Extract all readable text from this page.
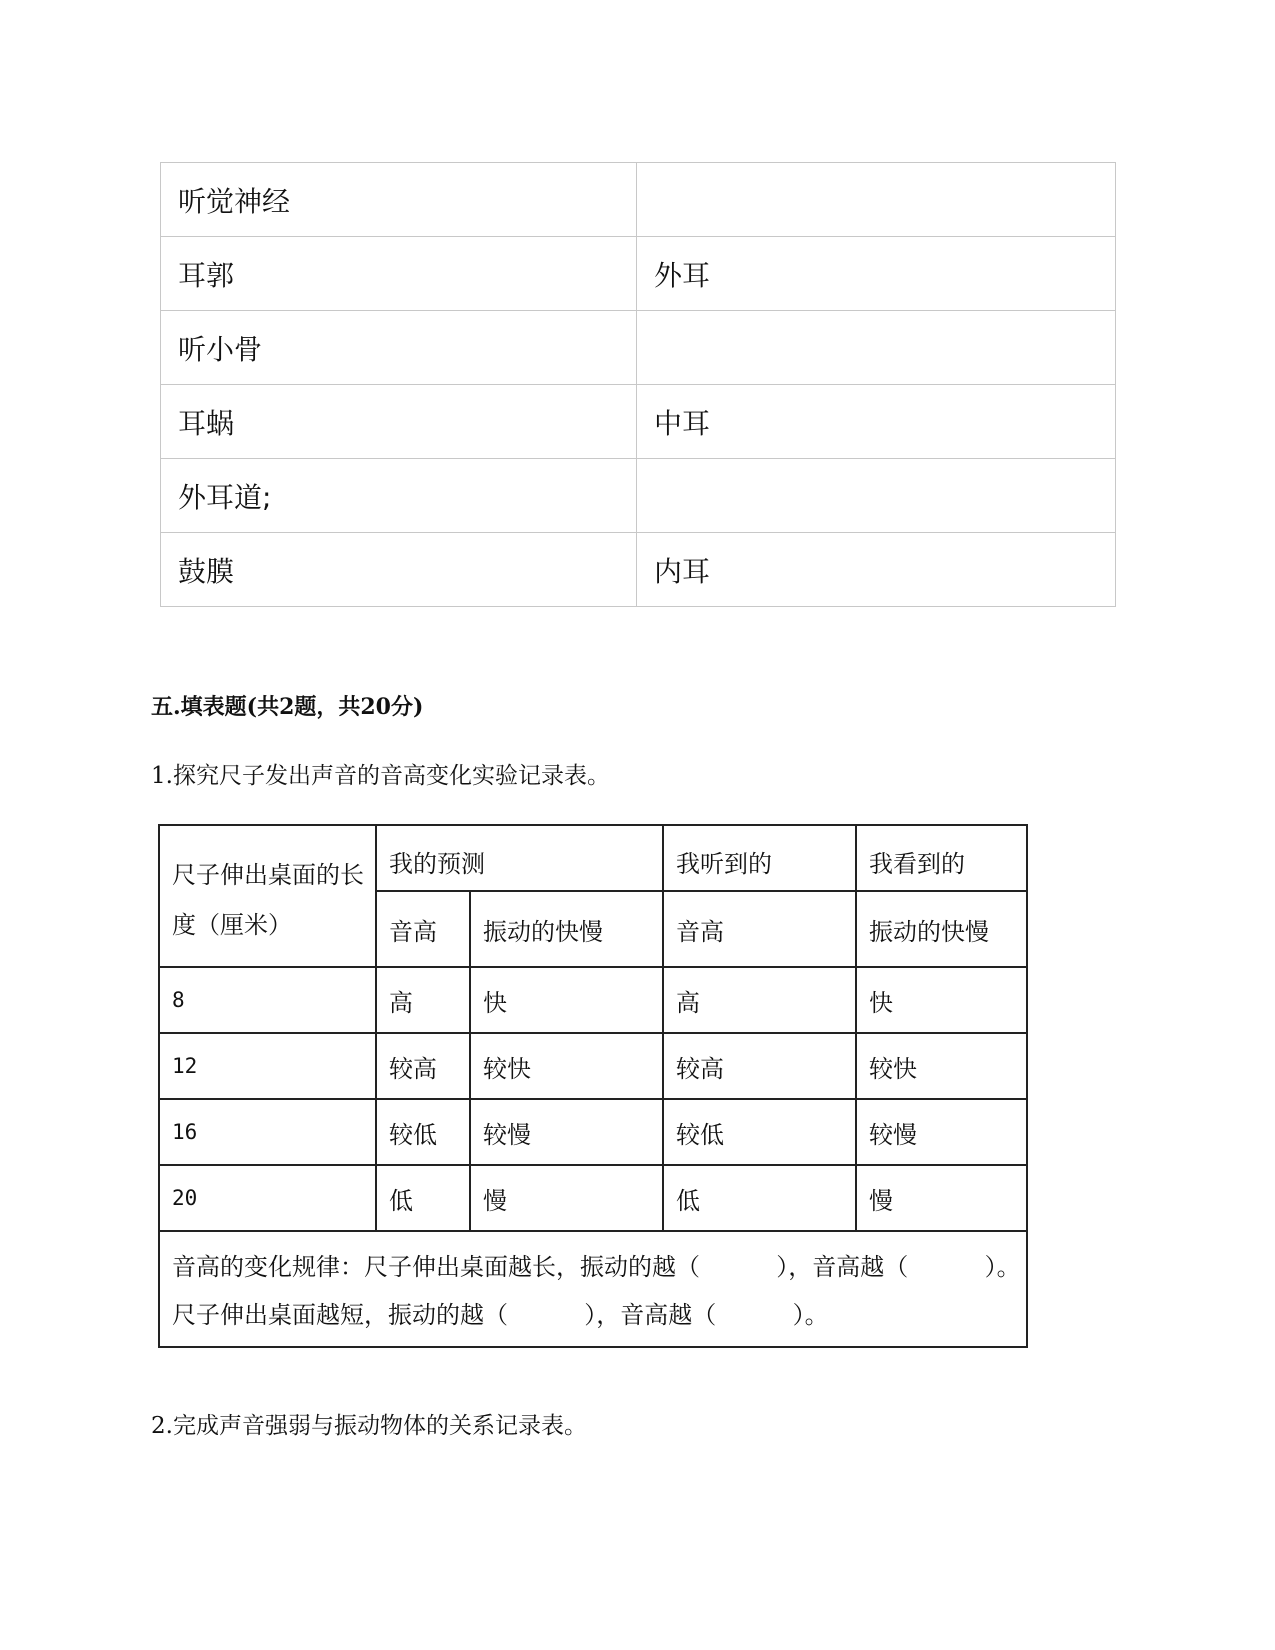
听觉神经	
耳郭	外耳
听小骨	
耳蜗	中耳
外耳道;	
鼓膜	内耳
五.填表题(共2题，共20分)

1.探究尺子发出声音的音高变化实验记录表。

尺子伸出桌面的长度（厘米）	我的预测		我听到的	我看到的
	音高	振动的快慢	音高	振动的快慢
8	高	快	高	快
12	较高	较快	较高	较快
16	较低	较慢	较低	较慢
20	低	慢	低	慢

音高的变化规律：尺子伸出桌面越长，振动的越（          ），音高越（          ）。
尺子伸出桌面越短，振动的越（          ），音高越（          ）。				

2.完成声音强弱与振动物体的关系记录表。
